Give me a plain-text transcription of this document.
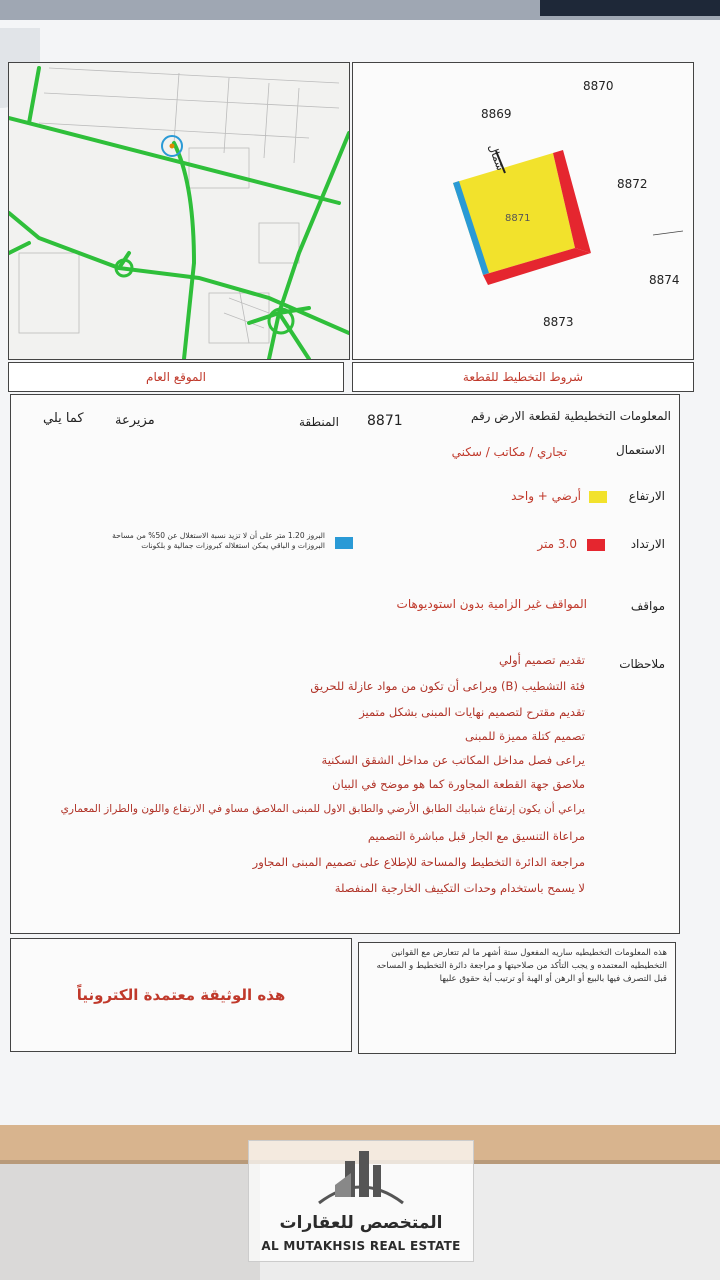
8870
8869
8872
8871
8874
8873
شمال
الموقع العام	شروط التخطيط للقطعة
المعلومات التخطيطية لقطعة الارض رقم
8871
المنطقة
مزيرعة
كما يلي
الاستعمال
تجاري / مكاتب / سكني
الارتفاع
أرضي + واحد
الارتداد
3.0 متر
البروز 1.20 متر على أن لا تزيد نسبة الاستغلال عن 50% من مساحة البروزات و الباقي يمكن استغلاله كبروزات جمالية و بلكونات
مواقف
المواقف غير الزامية بدون استوديوهات
ملاحظات
تقديم تصميم أولي
فئة التشطيب (B) ويراعى أن تكون من مواد عازلة للحريق
تقديم مقترح لتصميم نهايات المبنى بشكل متميز
تصميم كتلة مميزة للمبنى
يراعى فصل مداخل المكاتب عن مداخل الشقق السكنية
ملاصق جهة القطعة المجاورة كما هو موضح في البيان
يراعي أن يكون إرتفاع شبابيك الطابق الأرضي والطابق الاول للمبنى الملاصق مساو في الارتفاع واللون والطراز المعماري
مراعاة التنسيق مع الجار قبل مباشرة التصميم
مراجعة الدائرة التخطيط والمساحة للإطلاع على تصميم المبنى المجاور
لا يسمح باستخدام وحدات التكييف الخارجية المنفصلة
هذه الوثيقة معتمدة الكترونياً
هذه المعلومات التخطيطيه ساريه المفعول ستة أشهر ما لم تتعارض مع القوانين التخطيطيه المعتمده و يجب التأكد من صلاحيتها و مراجعة دائرة التخطيط و المساحه قبل التصرف فيها بالبيع أو الرهن أو الهبة أو ترتيب أية حقوق عليها
المتخصص للعقارات
AL MUTAKHSIS REAL ESTATE
